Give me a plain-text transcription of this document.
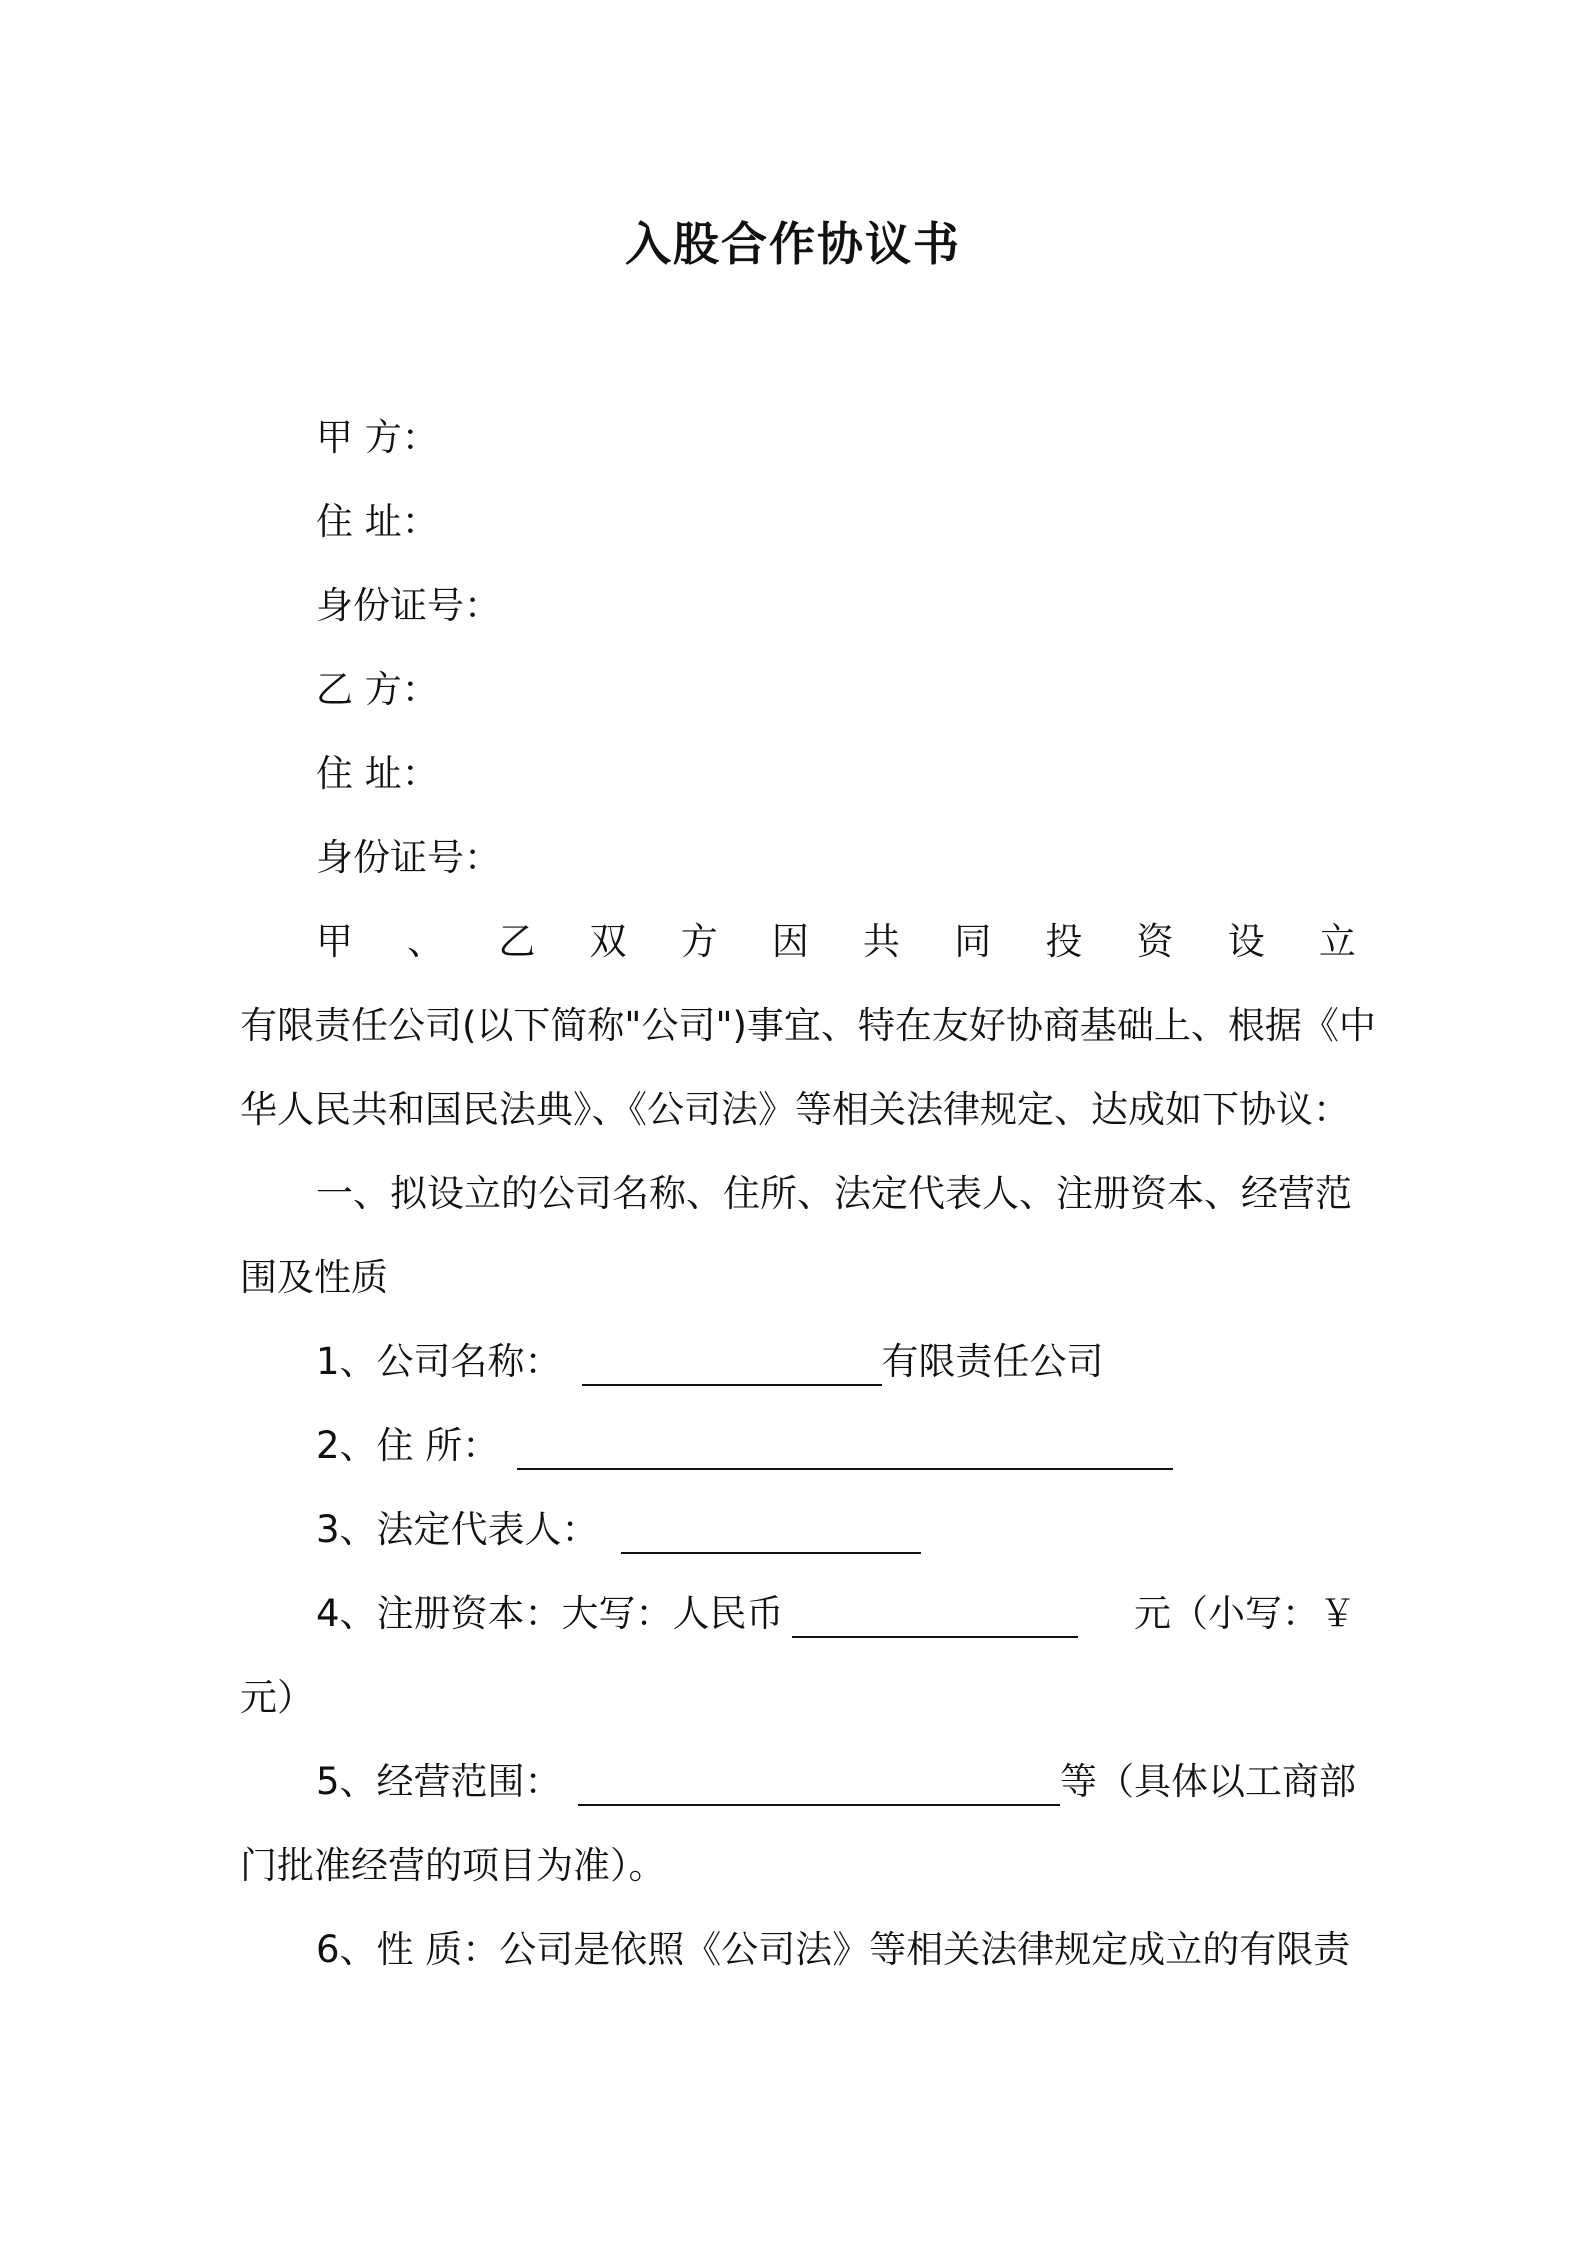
入股合作协议书
甲 方：
住 址：
身份证号：
乙 方：
住 址：
身份证号：
甲 、 乙 双 方 因 共 同 投 资 设 立
有限责任公司(以下简称"公司")事宜、特在友好协商基础上、根据《中
华人民共和国民法典》、《公司法》等相关法律规定、达成如下协议：
一、拟设立的公司名称、住所、法定代表人、注册资本、经营范
围及性质
1、公司名称：	有限责任公司
2、住 所：
3、法定代表人：
4、注册资本：大写：人民币	元（小写：￥
元）
5、经营范围：	等（具体以工商部
门批准经营的项目为准）。
6、性 质：公司是依照《公司法》等相关法律规定成立的有限责
